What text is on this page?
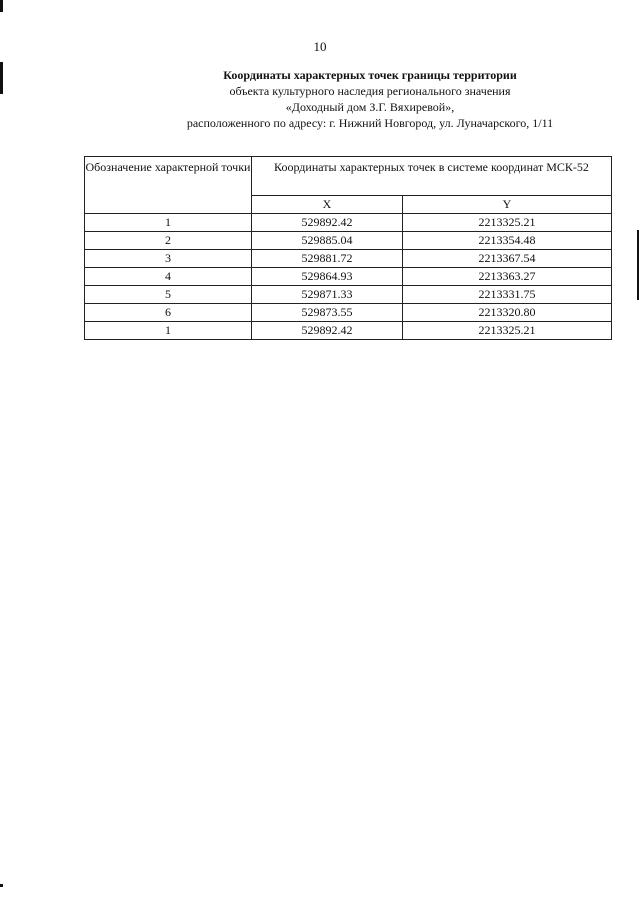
10
Координаты характерных точек границы территории
объекта культурного наследия регионального значения
«Доходный дом З.Г. Вяхиревой»,
расположенного по адресу: г. Нижний Новгород, ул. Луначарского, 1/11
Обозначение характерной точки	Координаты характерных точек в системе координат МСК-52	
	X	Y
1	529892.42	2213325.21
2	529885.04	2213354.48
3	529881.72	2213367.54
4	529864.93	2213363.27
5	529871.33	2213331.75
6	529873.55	2213320.80
1	529892.42	2213325.21
